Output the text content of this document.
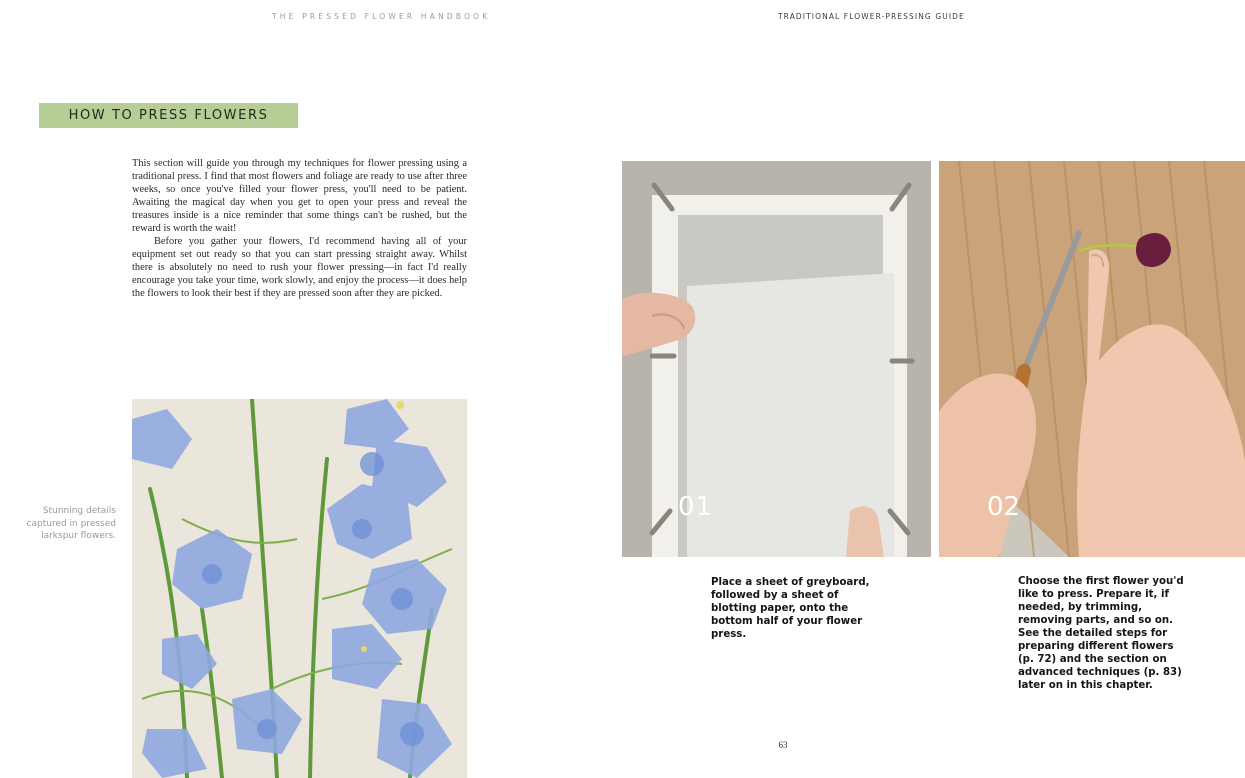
THE PRESSED FLOWER HANDBOOK	TRADITIONAL FLOWER-PRESSING GUIDE
HOW TO PRESS FLOWERS

This section will guide you through my techniques for flower pressing using a traditional press. I find that most flowers and foliage are ready to use after three weeks, so once you've filled your flower press, you'll need to be patient. Awaiting the magical day when you get to open your press and reveal the treasures inside is a nice reminder that some things can't be rushed, but the reward is worth the wait!

Before you gather your flowers, I'd recommend having all of your equipment set out ready so that you can start pressing straight away. Whilst there is absolutely no need to rush your flower pressing—in fact I'd really encourage you take your time, work slowly, and enjoy the process—it does help the flowers to look their best if they are pressed soon after they are picked.

Stunning details captured in pressed larkspur flowers.
01	02
Place a sheet of greyboard, followed by a sheet of blotting paper, onto the bottom half of your flower press.
Choose the first flower you'd like to press. Prepare it, if needed, by trimming, removing parts, and so on. See the detailed steps for preparing different flowers (p. 72) and the section on advanced techniques (p. 83) later on in this chapter.
63
